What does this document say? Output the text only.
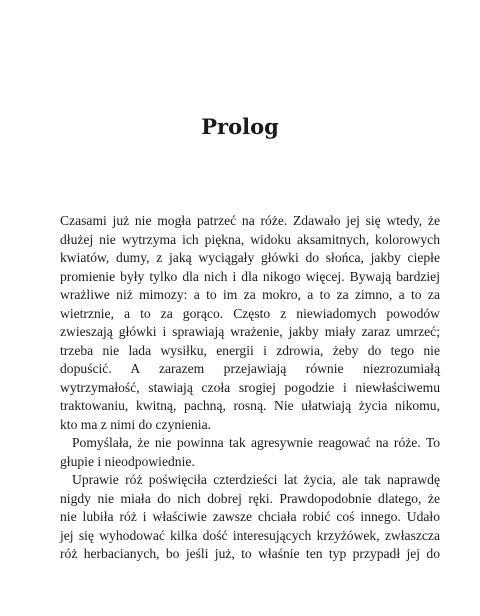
Prolog
Czasami już nie mogła patrzeć na róże. Zdawało jej się wtedy, że
dłużej nie wytrzyma ich piękna, widoku aksamitnych, kolorowych
kwiatów, dumy, z jaką wyciągały główki do słońca, jakby ciepłe
promienie były tylko dla nich i dla nikogo więcej. Bywają bardziej
wrażliwe niż mimozy: a to im za mokro, a to za zimno, a to za
wietrznie, a to za gorąco. Często z niewiadomych powodów
zwieszają główki i sprawiają wrażenie, jakby miały zaraz umrzeć;
trzeba nie lada wysiłku, energii i zdrowia, żeby do tego nie
dopuścić. A zarazem przejawiają równie niezrozumiałą
wytrzymałość, stawiają czoła srogiej pogodzie i niewłaściwemu
traktowaniu, kwitną, pachną, rosną. Nie ułatwiają życia nikomu,
kto ma z nimi do czynienia.
Pomyślała, że nie powinna tak agresywnie reagować na róże. To
głupie i nieodpowiednie.
Uprawie róż poświęciła czterdzieści lat życia, ale tak naprawdę
nigdy nie miała do nich dobrej ręki. Prawdopodobnie dlatego, że
nie lubiła róż i właściwie zawsze chciała robić coś innego. Udało
jej się wyhodować kilka dość interesujących krzyżówek, zwłaszcza
róż herbacianych, bo jeśli już, to właśnie ten typ przypadł jej do
